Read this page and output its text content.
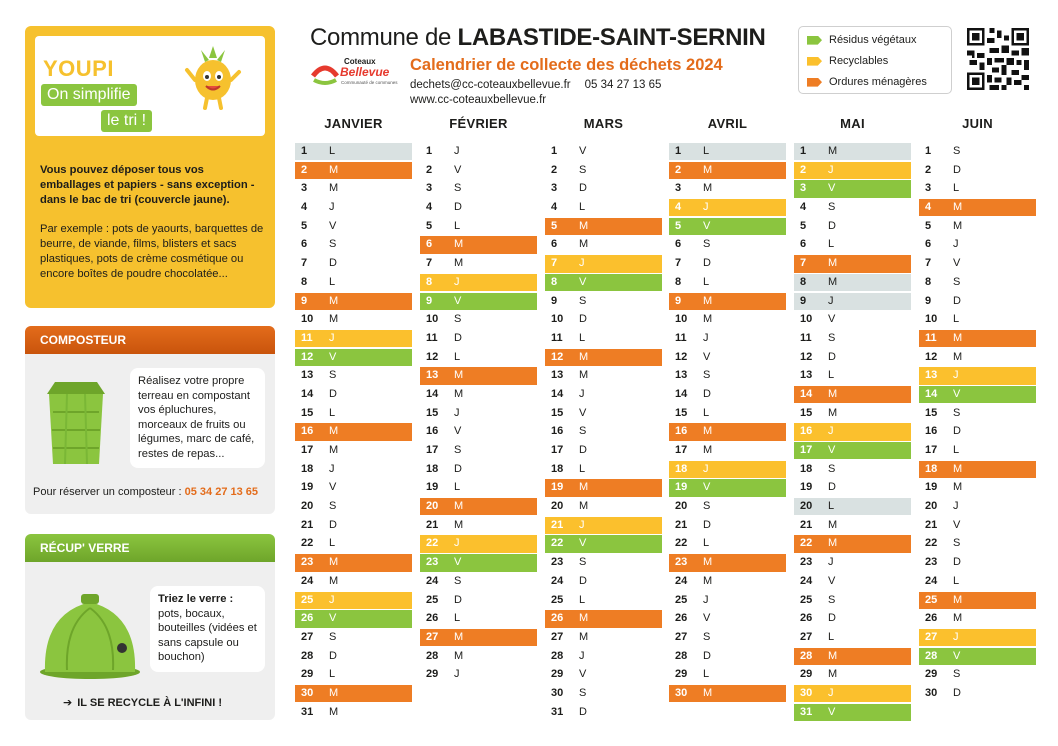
YOUPI
On simplifie
le tri !
Vous pouvez déposer tous vos emballages et papiers - sans exception - dans le bac de tri (couvercle jaune).
Par exemple : pots de yaourts, barquettes de beurre, de viande, films, blisters et sacs plastiques, pots de crème cosmétique ou encore boîtes de poudre chocolatée...
COMPOSTEUR
Réalisez votre propre terreau en compostant vos épluchures, morceaux de fruits ou légumes, marc de café, restes de repas...
Pour réserver un composteur : 05 34 27 13 65
RÉCUP' VERRE
Triez le verre :
pots, bocaux, bouteilles (vidées et sans capsule ou bouchon)
➔ IL SE RECYCLE À L'INFINI !
Commune de LABASTIDE-SAINT-SERNIN
Coteaux
Bellevue
Communauté de communes
Calendrier de collecte des déchets 2024
dechets@cc-coteauxbellevue.fr 05 34 27 13 65
www.cc-coteauxbellevue.fr
Résidus végétaux
Recyclables
Ordures ménagères
JANVIER
1 L
2 M
3 M
4 J
5 V
6 S
7 D
8 L
9 M
10 M
11 J
12 V
13 S
14 D
15 L
16 M
17 M
18 J
19 V
20 S
21 D
22 L
23 M
24 M
25 J
26 V
27 S
28 D
29 L
30 M
31 M
FÉVRIER
1 J
2 V
3 S
4 D
5 L
6 M
7 M
8 J
9 V
10 S
11 D
12 L
13 M
14 M
15 J
16 V
17 S
18 D
19 L
20 M
21 M
22 J
23 V
24 S
25 D
26 L
27 M
28 M
29 J
MARS
1 V
2 S
3 D
4 L
5 M
6 M
7 J
8 V
9 S
10 D
11 L
12 M
13 M
14 J
15 V
16 S
17 D
18 L
19 M
20 M
21 J
22 V
23 S
24 D
25 L
26 M
27 M
28 J
29 V
30 S
31 D
AVRIL
1 L
2 M
3 M
4 J
5 V
6 S
7 D
8 L
9 M
10 M
11 J
12 V
13 S
14 D
15 L
16 M
17 M
18 J
19 V
20 S
21 D
22 L
23 M
24 M
25 J
26 V
27 S
28 D
29 L
30 M
MAI
1 M
2 J
3 V
4 S
5 D
6 L
7 M
8 M
9 J
10 V
11 S
12 D
13 L
14 M
15 M
16 J
17 V
18 S
19 D
20 L
21 M
22 M
23 J
24 V
25 S
26 D
27 L
28 M
29 M
30 J
31 V
JUIN
1 S
2 D
3 L
4 M
5 M
6 J
7 V
8 S
9 D
10 L
11 M
12 M
13 J
14 V
15 S
16 D
17 L
18 M
19 M
20 J
21 V
22 S
23 D
24 L
25 M
26 M
27 J
28 V
29 S
30 D
